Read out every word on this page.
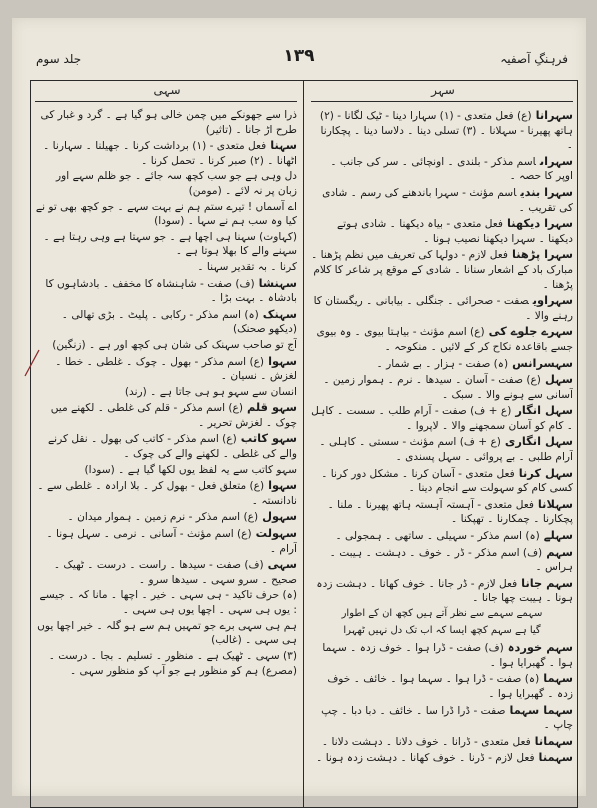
جلد سوم	۱۳۹	فرہنگِ آصفیہ
سہی	سہر
سہرانا(ع) فعل متعدی - (۱) سہارا دینا - ٹیک لگانا - (۲) ہاتھ پھیرنا - سہلانا ۔ (۳) تسلی دینا ۔ دلاسا دینا ۔ پچکارنا ۔
سہراںاسم مذکر - بلندی ۔ اونچائی ۔ سر کی جانب ۔ اوپر کا حصہ ۔
سہرا بندیاسم مؤنث - سہرا باندھنے کی رسم ۔ شادی کی تقریب ۔
سہرا دیکھنافعل متعدی - بیاہ دیکھنا ۔ شادی ہوتے دیکھنا ۔ سہرا دیکھنا نصیب ہونا ۔
سہرا پڑھنافعل لازم - دولہا کی تعریف میں نظم پڑھنا ۔ مبارک باد کے اشعار سنانا ۔ شادی کے موقع پر شاعر کا کلام پڑھنا ۔
سہراویصفت - صحرائی ۔ جنگلی ۔ بیابانی ۔ ریگستان کا رہنے والا ۔
سہرے جلوے کی(ع) اسم مؤنث - بیاہتا بیوی ۔ وہ بیوی جسے باقاعدہ نکاح کر کے لائیں ۔ منکوحہ ۔
سہسرانس(ہ) صفت - ہزار ۔ بے شمار ۔
سہل(ع) صفت - آسان ۔ سیدھا ۔ نرم ۔ ہموار زمین ۔ آسانی سے ہونے والا ۔ سبک ۔
سہل انگار(ع + ف) صفت - آرام طلب ۔ سست ۔ کاہل ۔ کام کو آسان سمجھنے والا ۔ لاپروا ۔
سہل انگاری(ع + ف) اسم مؤنث - سستی ۔ کاہلی ۔ آرام طلبی ۔ بے پروائی ۔ سہل پسندی ۔
سہل کرنافعل متعدی - آسان کرنا ۔ مشکل دور کرنا ۔ کسی کام کو سہولت سے انجام دینا ۔
سہلانافعل متعدی - آہستہ آہستہ ہاتھ پھیرنا ۔ ملنا ۔ پچکارنا ۔ چمکارنا ۔ تھپکنا ۔
سہلے(ہ) اسم مذکر - سہیلی ۔ ساتھی ۔ ہمجولی ۔
سہم(ف) اسم مذکر - ڈر ۔ خوف ۔ دہشت ۔ ہیبت ۔ ہراس ۔
سہم جانافعل لازم - ڈر جانا ۔ خوف کھانا ۔ دہشت زدہ ہونا ۔ ہیبت چھا جانا ۔
سہمے سہمے سے نظر آتے ہیں کچھ ان کے اطوار
گیا ہے سہم کچھ ایسا کہ اب تک دل نہیں ٹھہرا
سہم خوردہ(ف) صفت - ڈرا ہوا ۔ خوف زدہ ۔ سہما ہوا ۔ گھبرایا ہوا ۔
سہما(ہ) صفت - ڈرا ہوا ۔ سہما ہوا ۔ خائف ۔ خوف زدہ ۔ گھبرایا ہوا ۔
سہما سہماصفت - ڈرا ڈرا سا ۔ خائف ۔ دبا دبا ۔ چپ چاپ ۔
سہمانافعل متعدی - ڈرانا ۔ خوف دلانا ۔ دہشت دلانا ۔
سہمنافعل لازم - ڈرنا ۔ خوف کھانا ۔ دہشت زدہ ہونا ۔
ذرا سے جھونکے میں چمن خالی ہو گیا ہے ۔ گرد و غبار کی طرح اڑ جانا ۔ (تاثیر)
سہنافعل متعدی - (۱) برداشت کرنا ۔ جھیلنا ۔ سہارنا ۔ اٹھانا ۔ (۲) صبر کرنا ۔ تحمل کرنا ۔
دل وہی ہے جو سب کچھ سہ جائے ۔ جو ظلم سہے اور زبان پر نہ لائے ۔ (مومن)
اے آسماں ! تیرے ستم ہم نے بہت سہے ۔ جو کچھ بھی تو نے کیا وہ سب ہم نے سہا ۔ (سودا)
(کہاوت) سہنا ہی اچھا ہے ۔ جو سہتا ہے وہی رہتا ہے ۔ سہنے والے کا بھلا ہوتا ہے ۔
کرنا ۔ بہ تقدیر سہنا ۔
سہنشا(ف) صفت - شاہنشاہ کا مخفف ۔ بادشاہوں کا بادشاہ ۔ بہت بڑا ۔
سہنک(ہ) اسم مذکر - رکابی ۔ پلیٹ ۔ بڑی تھالی ۔ (دیکھو صحنک)
آج تو صاحب سہنک کی شان ہی کچھ اور ہے ۔ (زنگین)
سہوا(ع) اسم مذکر - بھول ۔ چوک ۔ غلطی ۔ خطا ۔ لغزش ۔ نسیان ۔
انسان سے سہو ہو ہی جاتا ہے ۔ (رند)
سہو قلم(ع) اسم مذکر - قلم کی غلطی ۔ لکھنے میں چوک ۔ لغزش تحریر ۔
سہو کاتب(ع) اسم مذکر - کاتب کی بھول ۔ نقل کرنے والے کی غلطی ۔ لکھنے والے کی چوک ۔
سہو کاتب سے یہ لفظ یوں لکھا گیا ہے ۔ (سودا)
سہوا(ع) متعلق فعل - بھول کر ۔ بلا ارادہ ۔ غلطی سے ۔ نادانستہ ۔
سہول(ع) اسم مذکر - نرم زمین ۔ ہموار میدان ۔
سہولت(ع) اسم مؤنث - آسانی ۔ نرمی ۔ سہل ہونا ۔ آرام ۔
سہی(ف) صفت - سیدھا ۔ راست ۔ درست ۔ ٹھیک ۔ صحیح ۔ سرو سہی ۔ سیدھا سرو ۔
(ہ) حرف تاکید - ہی سہی ۔ خیر ۔ اچھا ۔ مانا کہ ۔ جیسے : یوں ہی سہی ۔ اچھا یوں ہی سہی ۔
ہم ہی سہی برے جو تمہیں ہم سے ہو گلہ ۔ خیر اچھا یوں ہی سہی ۔ (غالب)
(۳) سہی ۔ ٹھیک ہے ۔ منظور ۔ تسلیم ۔ بجا ۔ درست ۔
(مصرع) ہم کو منظور ہے جو آپ کو منظور سہی ۔
